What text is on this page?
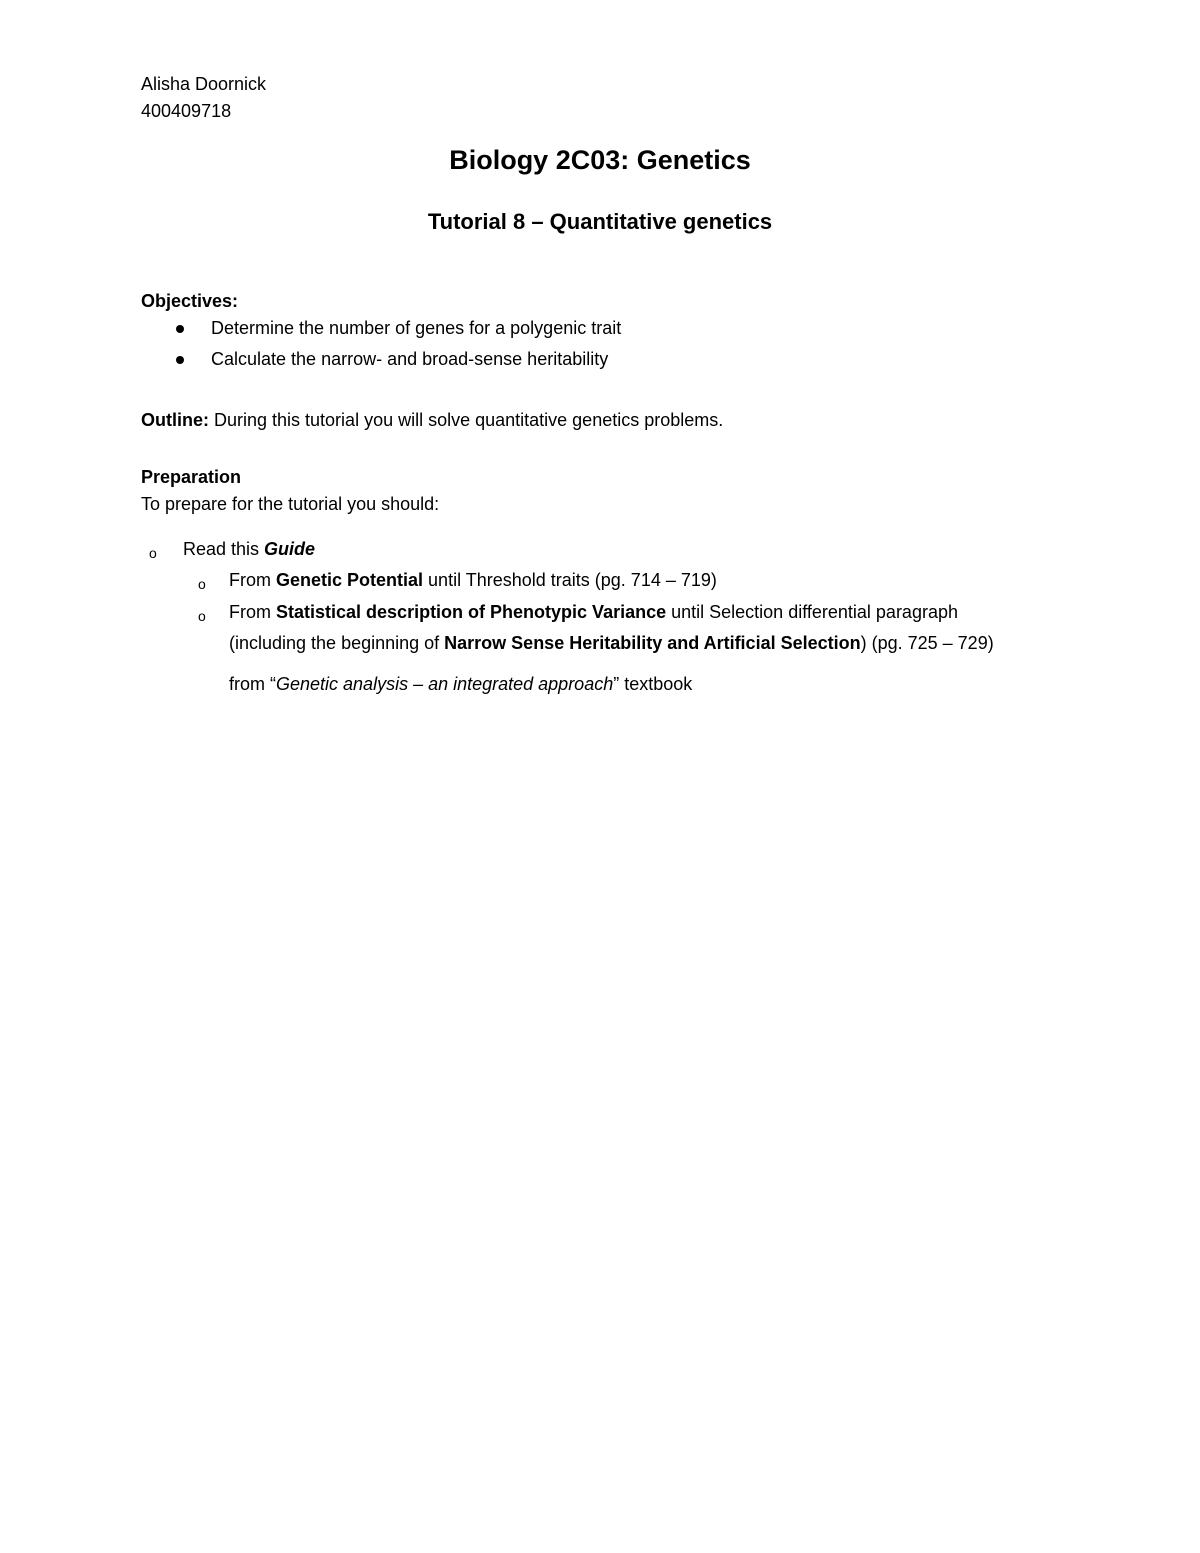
Alisha Doornick
400409718
Biology 2C03: Genetics
Tutorial 8 – Quantitative genetics
Objectives:
Determine the number of genes for a polygenic trait
Calculate the narrow- and broad-sense heritability
Outline: During this tutorial you will solve quantitative genetics problems.
Preparation
To prepare for the tutorial you should:
o Read this Guide
o From Genetic Potential until Threshold traits (pg. 714 – 719)
o From Statistical description of Phenotypic Variance until Selection differential paragraph
(including the beginning of Narrow Sense Heritability and Artificial Selection) (pg. 725 – 729)
from “Genetic analysis – an integrated approach” textbook
